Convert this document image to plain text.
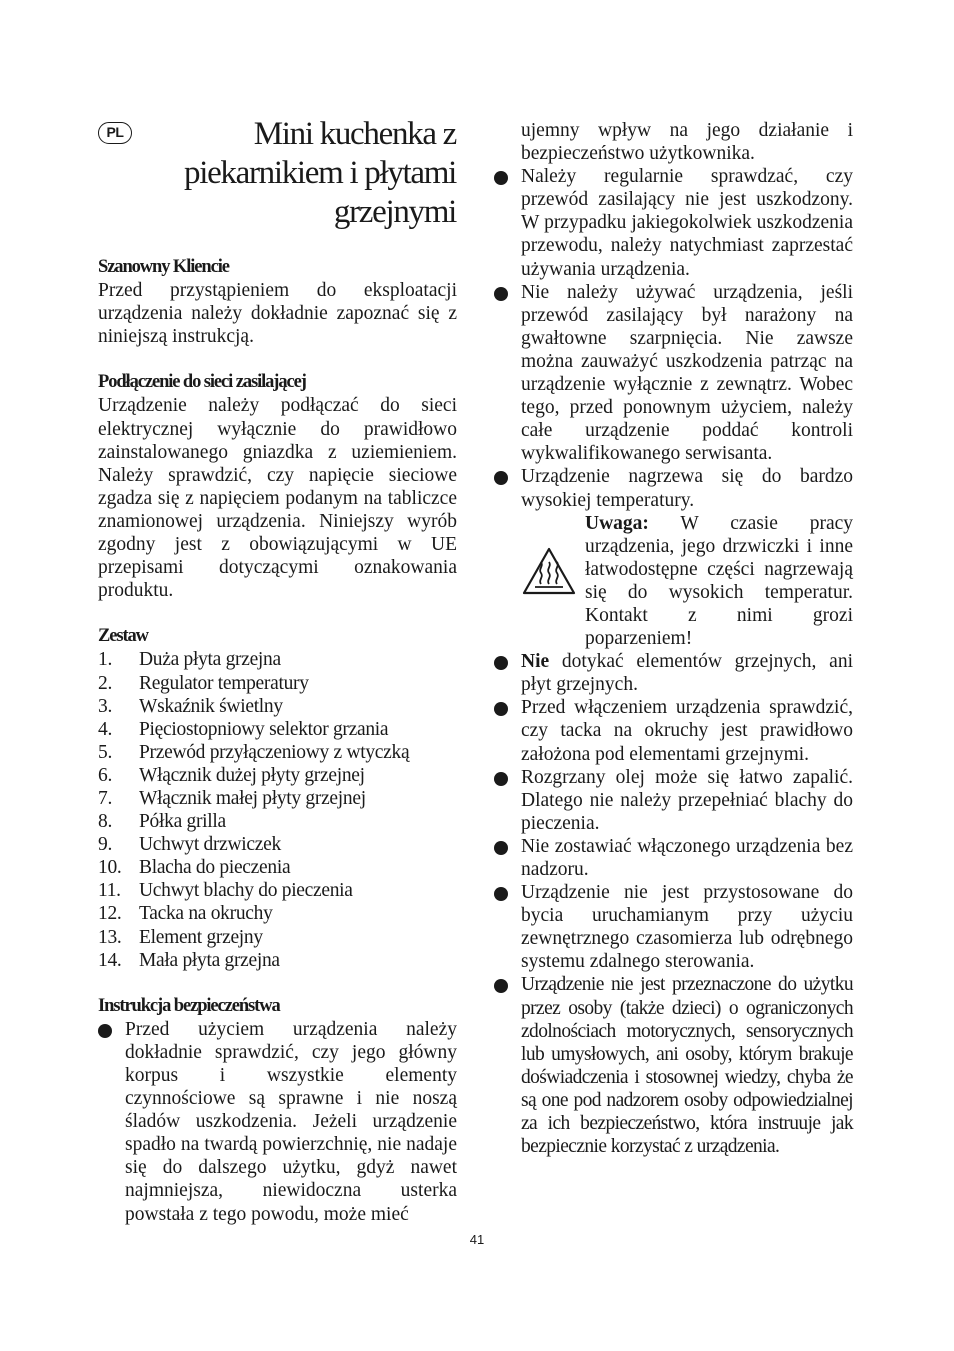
PL	Mini kuchenka z
piekarnikiem i płytami
grzejnymi
Szanowny Kliencie

Przed przystąpieniem do eksploatacji urządzenia należy dokładnie zapoznać się z niniejszą instrukcją.

Podłączenie do sieci zasilającej

Urządzenie należy podłączać do sieci elektrycznej wyłącznie do prawidłowo zainstalowanego gniazdka z uziemieniem. Należy sprawdzić, czy napięcie sieciowe zgadza się z napięciem podanym na tabliczce znamionowej urządzenia. Niniejszy wyrób zgodny jest z obowiązującymi w UE przepisami dotyczącymi oznakowania produktu.

Zestaw
1.	Duża płyta grzejna
2.	Regulator temperatury
3.	Wskaźnik świetlny
4.	Pięciostopniowy selektor grzania
5.	Przewód przyłączeniowy z wtyczką
6.	Włącznik dużej płyty grzejnej
7.	Włącznik małej płyty grzejnej
8.	Półka grilla
9.	Uchwyt drzwiczek
10. Blacha do pieczenia
11. Uchwyt blachy do pieczenia
12. Tacka na okruchy
13. Element grzejny
14. Mała płyta grzejna
Instrukcja bezpieczeństwa
Przed użyciem urządzenia należy dokładnie sprawdzić, czy jego główny korpus i wszystkie elementy czynnościowe są sprawne i nie noszą śladów uszkodzenia. Jeżeli urządzenie spadło na twardą powierzchnię, nie nadaje się do dalszego użytku, gdyż nawet najmniejsza, niewidoczna usterka powstała z tego powodu, może mieć
ujemny wpływ na jego działanie i bezpieczeństwo użytkownika.
Należy regularnie sprawdzać, czy przewód zasilający nie jest uszkodzony. W przypadku jakiegokolwiek uszkodzenia przewodu, należy natychmiast zaprzestać używania urządzenia.
Nie należy używać urządzenia, jeśli przewód zasilający był narażony na gwałtowne szarpnięcia. Nie zawsze można zauważyć uszkodzenia patrząc na urządzenie wyłącznie z zewnątrz. Wobec tego, przed ponownym użyciem, należy całe urządzenie poddać kontroli wykwalifikowanego serwisanta.
Urządzenie nagrzewa się do bardzo wysokiej temperatury.
Uwaga: W czasie pracy urządzenia, jego drzwiczki i inne łatwodostępne części nagrzewają się do wysokich temperatur. Kontakt z nimi grozi poparzeniem!
Nie dotykać elementów grzejnych, ani płyt grzejnych.
Przed włączeniem urządzenia sprawdzić, czy tacka na okruchy jest prawidłowo założona pod elementami grzejnymi.
Rozgrzany olej może się łatwo zapalić. Dlatego nie należy przepełniać blachy do pieczenia.
Nie zostawiać włączonego urządzenia bez nadzoru.
Urządzenie nie jest przystosowane do bycia uruchamianym przy użyciu zewnętrznego czasomierza lub odrębnego systemu zdalnego sterowania.
Urządzenie nie jest przeznaczone do użytku przez osoby (także dzieci) o ograniczonych zdolnościach motorycznych, sensorycznych lub umysłowych, ani osoby, którym brakuje doświadczenia i stosownej wiedzy, chyba że są one pod nadzorem osoby odpowiedzialnej za ich bezpieczeństwo, która instruuje jak bezpiecznie korzystać z urządzenia.
41
